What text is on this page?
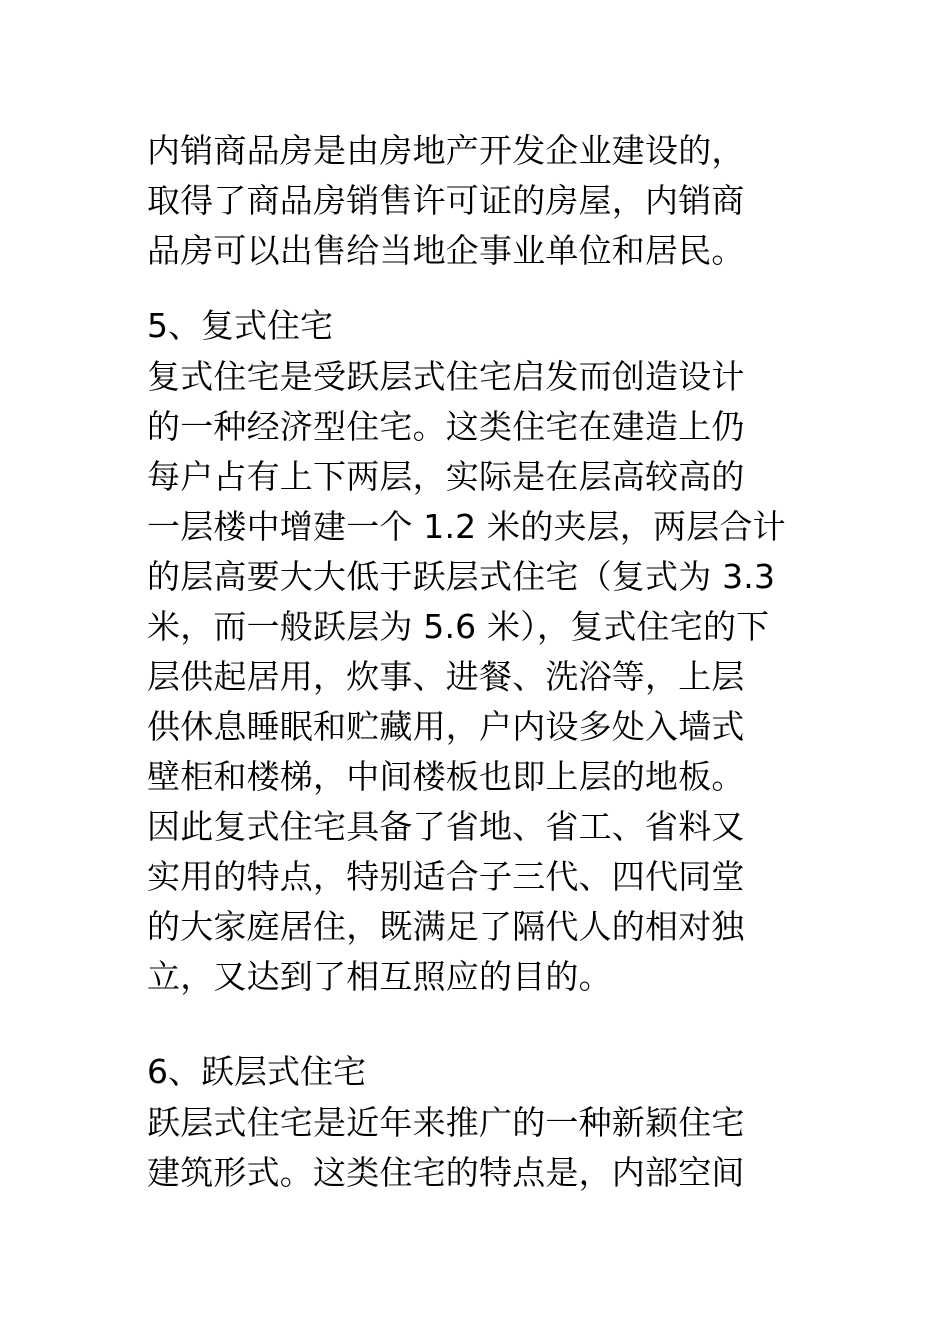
内销商品房是由房地产开发企业建设的，
取得了商品房销售许可证的房屋，内销商
品房可以出售给当地企事业单位和居民。
5、复式住宅
复式住宅是受跃层式住宅启发而创造设计
的一种经济型住宅。这类住宅在建造上仍
每户占有上下两层，实际是在层高较高的
一层楼中增建一个 1.2 米的夹层，两层合计
的层高要大大低于跃层式住宅（复式为 3.3
米，而一般跃层为 5.6 米），复式住宅的下
层供起居用，炊事、进餐、洗浴等，上层
供休息睡眠和贮藏用，户内设多处入墙式
壁柜和楼梯，中间楼板也即上层的地板。
因此复式住宅具备了省地、省工、省料又
实用的特点，特别适合子三代、四代同堂
的大家庭居住，既满足了隔代人的相对独
立，又达到了相互照应的目的。
6、跃层式住宅
跃层式住宅是近年来推广的一种新颖住宅
建筑形式。这类住宅的特点是，内部空间
